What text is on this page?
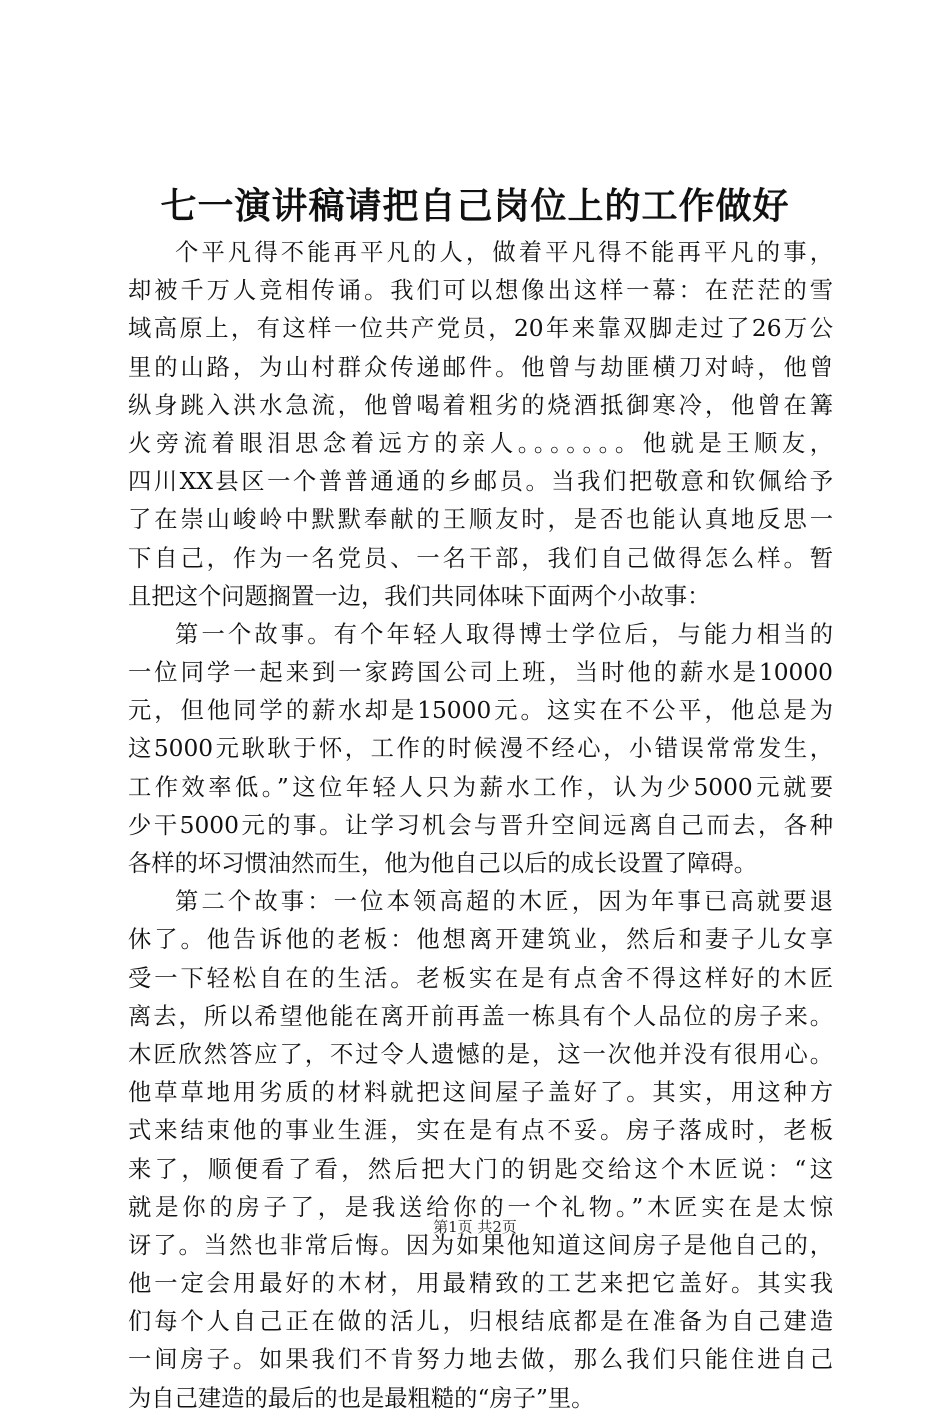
七一演讲稿请把自己岗位上的工作做好
个平凡得不能再平凡的人，做着平凡得不能再平凡的事，
却被千万人竞相传诵。我们可以想像出这样一幕：在茫茫的雪
域高原上，有这样一位共产党员，20年来靠双脚走过了26万公
里的山路，为山村群众传递邮件。他曾与劫匪横刀对峙，他曾
纵身跳入洪水急流，他曾喝着粗劣的烧酒抵御寒冷，他曾在篝
火旁流着眼泪思念着远方的亲人。。。。。。。他就是王顺友，
四川XX县区一个普普通通的乡邮员。当我们把敬意和钦佩给予
了在崇山峻岭中默默奉献的王顺友时，是否也能认真地反思一
下自己，作为一名党员、一名干部，我们自己做得怎么样。暂
且把这个问题搁置一边，我们共同体味下面两个小故事：
第一个故事。有个年轻人取得博士学位后，与能力相当的
一位同学一起来到一家跨国公司上班，当时他的薪水是10000
元，但他同学的薪水却是15000元。这实在不公平，他总是为
这5000元耿耿于怀，工作的时候漫不经心，小错误常常发生，
工作效率低。”这位年轻人只为薪水工作，认为少5000元就要
少干5000元的事。让学习机会与晋升空间远离自己而去，各种
各样的坏习惯油然而生，他为他自己以后的成长设置了障碍。
第二个故事：一位本领高超的木匠，因为年事已高就要退
休了。他告诉他的老板：他想离开建筑业，然后和妻子儿女享
受一下轻松自在的生活。老板实在是有点舍不得这样好的木匠
离去，所以希望他能在离开前再盖一栋具有个人品位的房子来。
木匠欣然答应了，不过令人遗憾的是，这一次他并没有很用心。
他草草地用劣质的材料就把这间屋子盖好了。其实，用这种方
式来结束他的事业生涯，实在是有点不妥。房子落成时，老板
来了，顺便看了看，然后把大门的钥匙交给这个木匠说：“这
就是你的房子了，是我送给你的一个礼物。”木匠实在是太惊
讶了。当然也非常后悔。因为如果他知道这间房子是他自己的，
他一定会用最好的木材，用最精致的工艺来把它盖好。其实我
们每个人自己正在做的活儿，归根结底都是在准备为自己建造
一间房子。如果我们不肯努力地去做，那么我们只能住进自己
为自己建造的最后的也是最粗糙的“房子”里。
第1页 共2页
